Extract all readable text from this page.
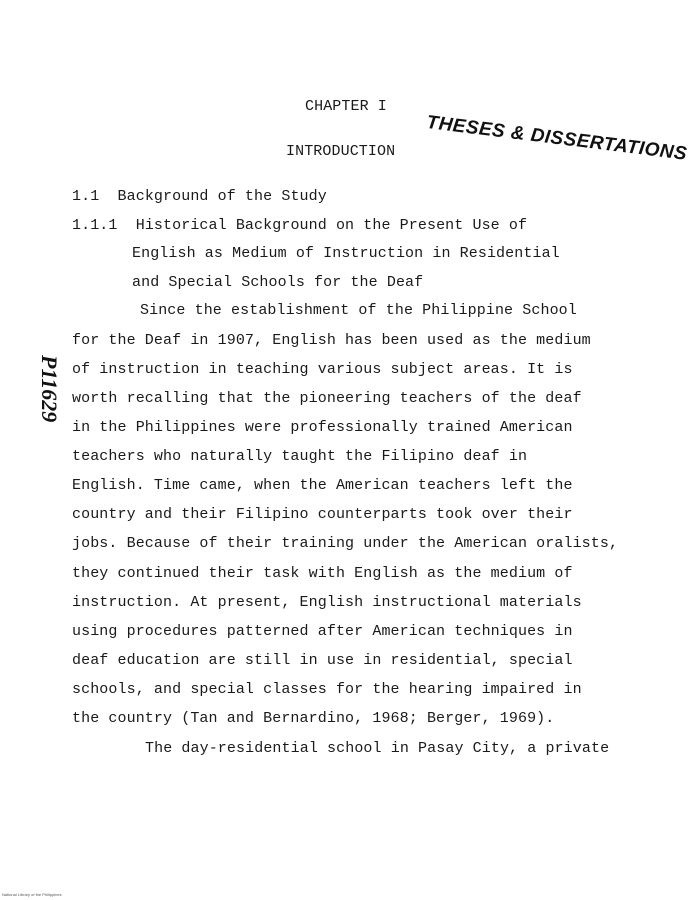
CHAPTER I
INTRODUCTION THESES & DISSERTATIONS
P11629
1.1 Background of the Study
1.1.1 Historical Background on the Present Use of
English as Medium of Instruction in Residential
and Special Schools for the Deaf
Since the establishment of the Philippine School
for the Deaf in 1907, English has been used as the medium
of instruction in teaching various subject areas. It is
worth recalling that the pioneering teachers of the deaf
in the Philippines were professionally trained American
teachers who naturally taught the Filipino deaf in
English. Time came, when the American teachers left the
country and their Filipino counterparts took over their
jobs. Because of their training under the American oralists,
they continued their task with English as the medium of
instruction. At present, English instructional materials
using procedures patterned after American techniques in
deaf education are still in use in residential, special
schools, and special classes for the hearing impaired in
the country (Tan and Bernardino, 1968; Berger, 1969).
The day-residential school in Pasay City, a private
National Library of the Philippines
